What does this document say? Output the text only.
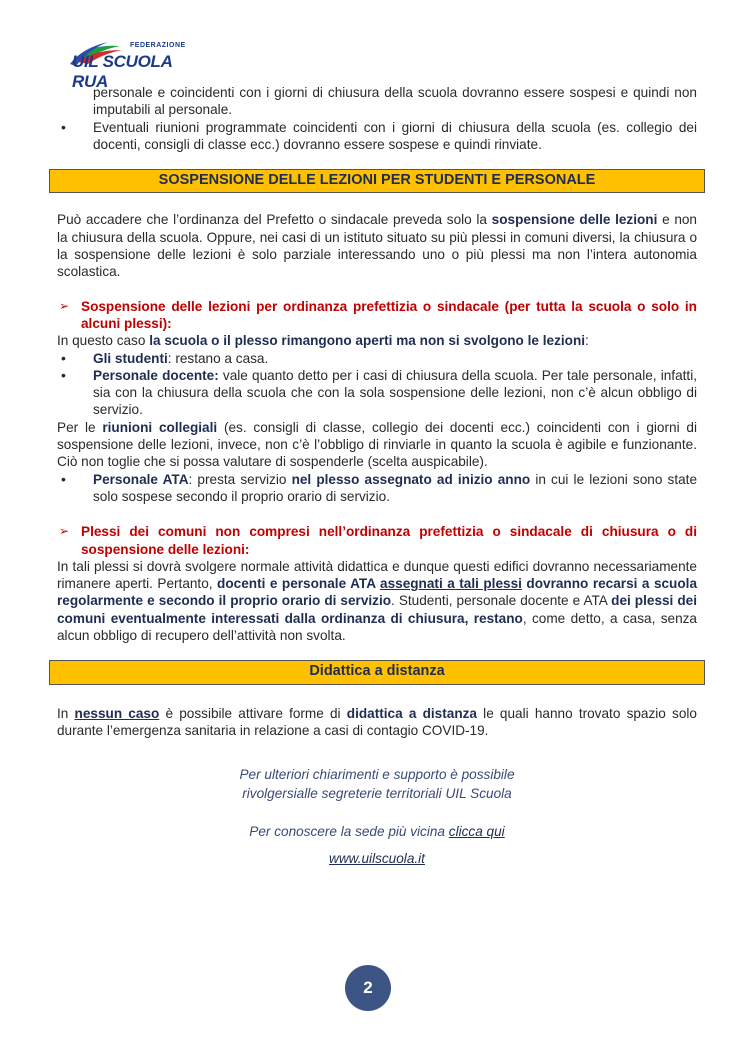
FEDERAZIONE
UIL SCUOLA RUA

personale e coincidenti con i giorni di chiusura della scuola dovranno essere sospesi e quindi non imputabili al personale.

• Eventuali riunioni programmate coincidenti con i giorni di chiusura della scuola (es. collegio dei docenti, consigli di classe ecc.) dovranno essere sospese e quindi rinviate.
SOSPENSIONE DELLE LEZIONI PER STUDENTI E PERSONALE

Può accadere che l’ordinanza del Prefetto o sindacale preveda solo la sospensione delle lezioni e non la chiusura della scuola. Oppure, nei casi di un istituto situato su più plessi in comuni diversi, la chiusura o la sospensione delle lezioni è solo parziale interessando uno o più plessi ma non l’intera autonomia scolastica.

➢ Sospensione delle lezioni per ordinanza prefettizia o sindacale (per tutta la scuola o solo in alcuni plessi):

In questo caso la scuola o il plesso rimangono aperti ma non si svolgono le lezioni:

• Gli studenti: restano a casa.
• Personale docente: vale quanto detto per i casi di chiusura della scuola. Per tale personale, infatti, sia con la chiusura della scuola che con la sola sospensione delle lezioni, non c’è alcun obbligo di servizio.

Per le riunioni collegiali (es. consigli di classe, collegio dei docenti ecc.) coincidenti con i giorni di sospensione delle lezioni, invece, non c’è l’obbligo di rinviarle in quanto la scuola è agibile e funzionante. Ciò non toglie che si possa valutare di sospenderle (scelta auspicabile).

• Personale ATA: presta servizio nel plesso assegnato ad inizio anno in cui le lezioni sono state solo sospese secondo il proprio orario di servizio.
➢ Plessi dei comuni non compresi nell’ordinanza prefettizia o sindacale di chiusura o di sospensione delle lezioni:

In tali plessi si dovrà svolgere normale attività didattica e dunque questi edifici dovranno necessariamente rimanere aperti. Pertanto, docenti e personale ATA assegnati a tali plessi dovranno recarsi a scuola regolarmente e secondo il proprio orario di servizio. Studenti, personale docente e ATA dei plessi dei comuni eventualmente interessati dalla ordinanza di chiusura, restano, come detto, a casa, senza alcun obbligo di recupero dell’attività non svolta.

Didattica a distanza

In nessun caso è possibile attivare forme di didattica a distanza le quali hanno trovato spazio solo durante l’emergenza sanitaria in relazione a casi di contagio COVID-19.

Per ulteriori chiarimenti e supporto è possibile

rivolgersialle segreterie territoriali UIL Scuola

Per conoscere la sede più vicina clicca qui

www.uilscuola.it

2
